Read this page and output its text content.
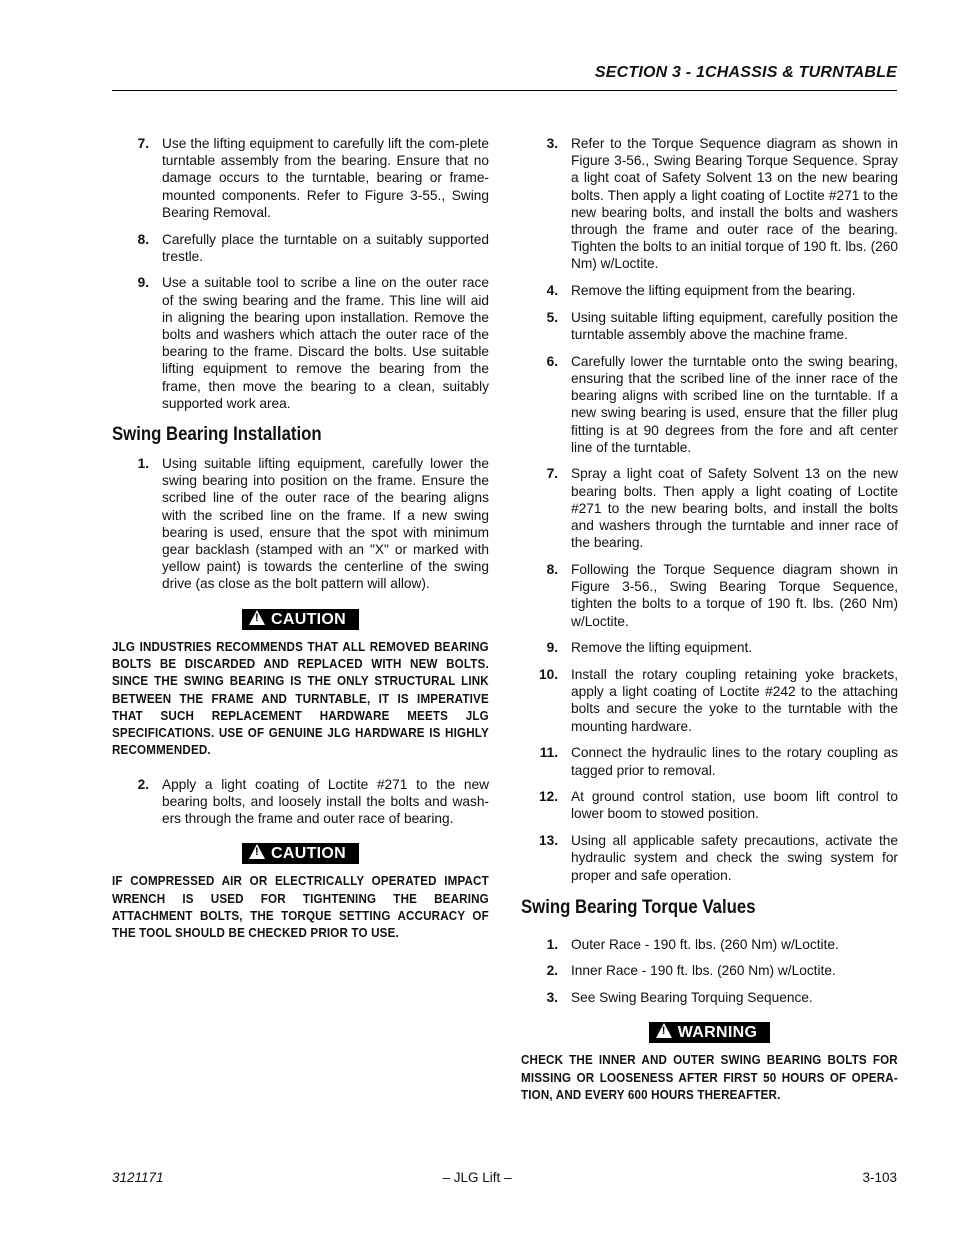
SECTION 3 - 1CHASSIS & TURNTABLE
7. Use the lifting equipment to carefully lift the com-plete turntable assembly from the bearing. Ensure that no damage occurs to the turntable, bearing or frame-mounted components. Refer to Figure 3-55., Swing Bearing Removal.
8. Carefully place the turntable on a suitably supported trestle.
9. Use a suitable tool to scribe a line on the outer race of the swing bearing and the frame. This line will aid in aligning the bearing upon installation. Remove the bolts and washers which attach the outer race of the bearing to the frame. Discard the bolts. Use suitable lifting equipment to remove the bearing from the frame, then move the bearing to a clean, suitably supported work area.
Swing Bearing Installation
1. Using suitable lifting equipment, carefully lower the swing bearing into position on the frame. Ensure the scribed line of the outer race of the bearing aligns with the scribed line on the frame. If a new swing bearing is used, ensure that the spot with minimum gear backlash (stamped with an "X" or marked with yellow paint) is towards the centerline of the swing drive (as close as the bolt pattern will allow).
!CAUTION
JLG INDUSTRIES RECOMMENDS THAT ALL REMOVED BEARING BOLTS BE DISCARDED AND REPLACED WITH NEW BOLTS. SINCE THE SWING BEARING IS THE ONLY STRUCTURAL LINK BETWEEN THE FRAME AND TURNTABLE, IT IS IMPERATIVE THAT SUCH REPLACEMENT HARDWARE MEETS JLG SPECIFICATIONS. USE OF GENUINE JLG HARDWARE IS HIGHLY RECOMMENDED.
2. Apply a light coating of Loctite #271 to the new bearing bolts, and loosely install the bolts and wash-ers through the frame and outer race of bearing.
!CAUTION
IF COMPRESSED AIR OR ELECTRICALLY OPERATED IMPACT WRENCH IS USED FOR TIGHTENING THE BEARING ATTACHMENT BOLTS, THE TORQUE SETTING ACCURACY OF THE TOOL SHOULD BE CHECKED PRIOR TO USE.
3. Refer to the Torque Sequence diagram as shown in Figure 3-56., Swing Bearing Torque Sequence. Spray a light coat of Safety Solvent 13 on the new bearing bolts. Then apply a light coating of Loctite #271 to the new bearing bolts, and install the bolts and washers through the frame and outer race of the bearing. Tighten the bolts to an initial torque of 190 ft. lbs. (260 Nm) w/Loctite.
4. Remove the lifting equipment from the bearing.
5. Using suitable lifting equipment, carefully position the turntable assembly above the machine frame.
6. Carefully lower the turntable onto the swing bearing, ensuring that the scribed line of the inner race of the bearing aligns with scribed line on the turntable. If a new swing bearing is used, ensure that the filler plug fitting is at 90 degrees from the fore and aft center line of the turntable.
7. Spray a light coat of Safety Solvent 13 on the new bearing bolts. Then apply a light coating of Loctite #271 to the new bearing bolts, and install the bolts and washers through the turntable and inner race of the bearing.
8. Following the Torque Sequence diagram shown in Figure 3-56., Swing Bearing Torque Sequence, tighten the bolts to a torque of 190 ft. lbs. (260 Nm) w/Loctite.
9. Remove the lifting equipment.
10. Install the rotary coupling retaining yoke brackets, apply a light coating of Loctite #242 to the attaching bolts and secure the yoke to the turntable with the mounting hardware.
11. Connect the hydraulic lines to the rotary coupling as tagged prior to removal.
12. At ground control station, use boom lift control to lower boom to stowed position.
13. Using all applicable safety precautions, activate the hydraulic system and check the swing system for proper and safe operation.
Swing Bearing Torque Values
1. Outer Race - 190 ft. lbs. (260 Nm) w/Loctite.
2. Inner Race - 190 ft. lbs. (260 Nm) w/Loctite.
3. See Swing Bearing Torquing Sequence.
!WARNING
CHECK THE INNER AND OUTER SWING BEARING BOLTS FOR MISSING OR LOOSENESS AFTER FIRST 50 HOURS OF OPERA-TION, AND EVERY 600 HOURS THEREAFTER.
3121171	– JLG Lift –	3-103
